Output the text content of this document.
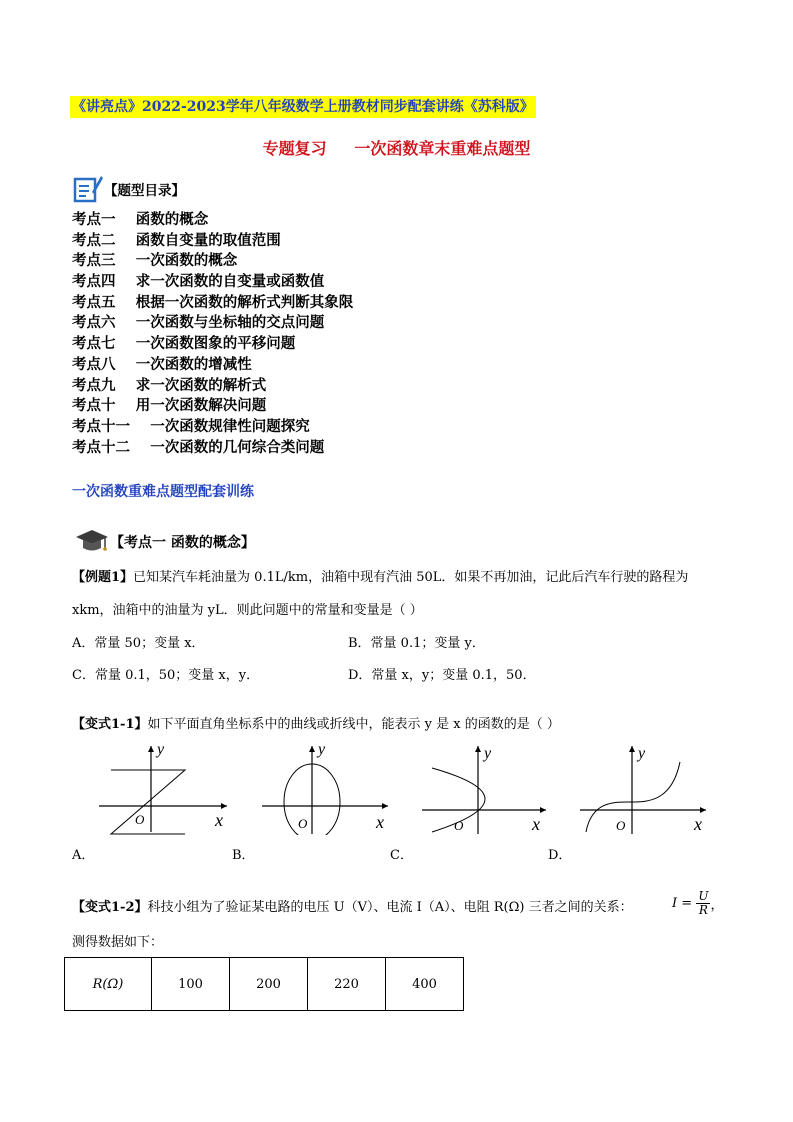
《讲亮点》2022-2023学年八年级数学上册教材同步配套讲练《苏科版》
专题复习     一次函数章末重难点题型
【题型目录】
考点一    函数的概念
考点二    函数自变量的取值范围
考点三    一次函数的概念
考点四    求一次函数的自变量或函数值
考点五    根据一次函数的解析式判断其象限
考点六    一次函数与坐标轴的交点问题
考点七    一次函数图象的平移问题
考点八    一次函数的增减性
考点九    求一次函数的解析式
考点十    用一次函数解决问题
考点十一    一次函数规律性问题探究
考点十二    一次函数的几何综合类问题
一次函数重难点题型配套训练
【考点一 函数的概念】
【例题1】已知某汽车耗油量为 0.1L/km，油箱中现有汽油 50L．如果不再加油，记此后汽车行驶的路程为
xkm，油箱中的油量为 yL．则此问题中的常量和变量是（ ）
A．常量 50；变量 x．	B．常量 0.1；变量 y．
C．常量 0.1，50；变量 x，y．	D．常量 x，y；变量 0.1，50．
【变式1-1】如下平面直角坐标系中的曲线或折线中，能表示 y 是 x 的函数的是（ ）
O	x
y
A．
O	x
y
B．
O	x
y
C．
O	x
y
D．
【变式1-2】科技小组为了验证某电路的电压 U（V）、电流 I（A）、电阻 R(Ω) 三者之间的关系：	$I = \frac{U}{R}$，
测得数据如下：
R(Ω)	100	200	220	400
